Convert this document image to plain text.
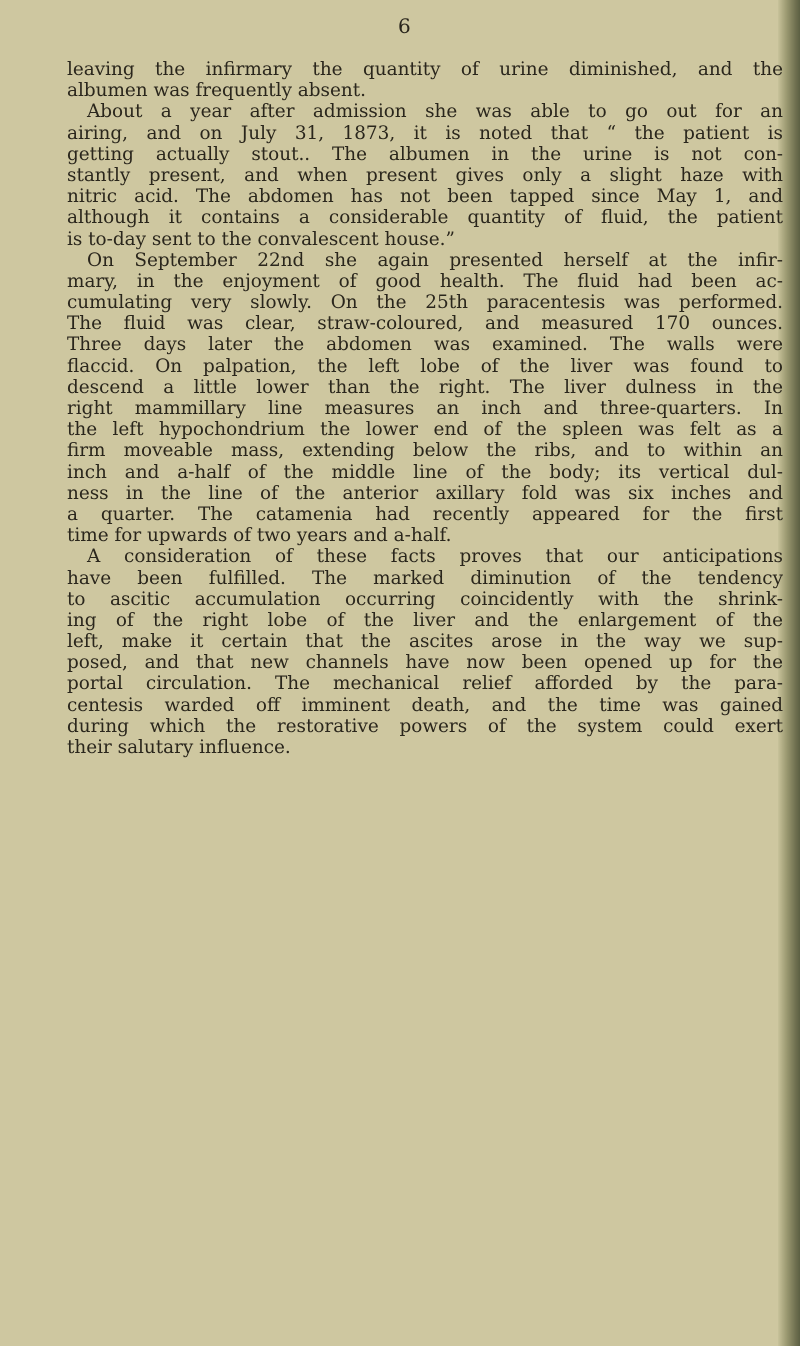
6
leaving the infirmary the quantity of urine diminished, and the
albumen was frequently absent.
About a year after admission she was able to go out for an
airing, and on July 31, 1873, it is noted that “ the patient is
getting actually stout.. The albumen in the urine is not con-
stantly present, and when present gives only a slight haze with
nitric acid. The abdomen has not been tapped since May 1, and
although it contains a considerable quantity of fluid, the patient
is to-day sent to the convalescent house.”
On September 22nd she again presented herself at the infir-
mary, in the enjoyment of good health. The fluid had been ac-
cumulating very slowly. On the 25th paracentesis was performed.
The fluid was clear, straw-coloured, and measured 170 ounces.
Three days later the abdomen was examined. The walls were
flaccid. On palpation, the left lobe of the liver was found to
descend a little lower than the right. The liver dulness in the
right mammillary line measures an inch and three-quarters. In
the left hypochondrium the lower end of the spleen was felt as a
firm moveable mass, extending below the ribs, and to within an
inch and a-half of the middle line of the body; its vertical dul-
ness in the line of the anterior axillary fold was six inches and
a quarter. The catamenia had recently appeared for the first
time for upwards of two years and a-half.
A consideration of these facts proves that our anticipations
have been fulfilled. The marked diminution of the tendency
to ascitic accumulation occurring coincidently with the shrink-
ing of the right lobe of the liver and the enlargement of the
left, make it certain that the ascites arose in the way we sup-
posed, and that new channels have now been opened up for the
portal circulation. The mechanical relief afforded by the para-
centesis warded off imminent death, and the time was gained
during which the restorative powers of the system could exert
their salutary influence.
